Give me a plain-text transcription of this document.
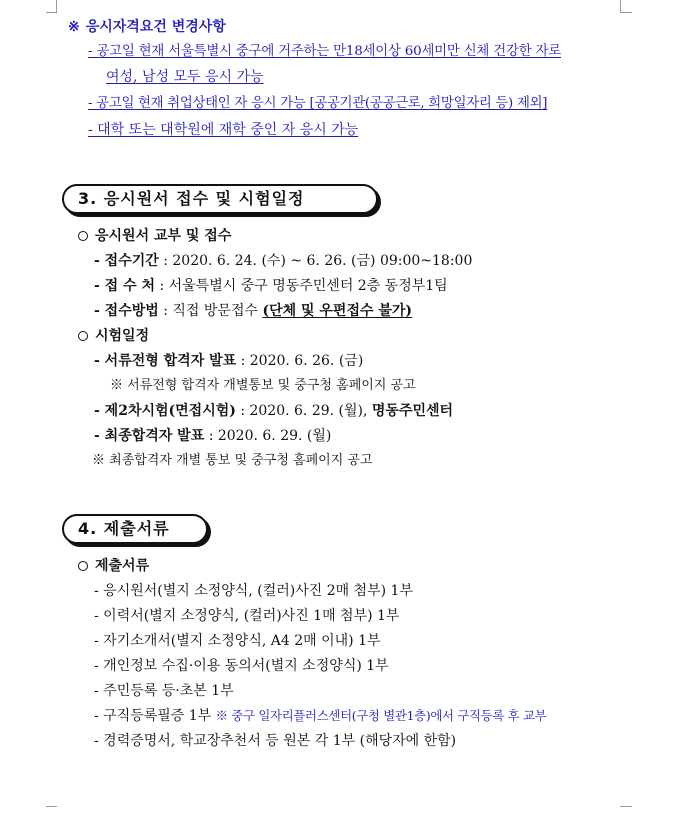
※ 응시자격요건 변경사항
- 공고일 현재 서울특별시 중구에 거주하는 만18세이상 60세미만 신체 건강한 자로
여성, 남성 모두 응시 가능
- 공고일 현재 취업상태인 자 응시 가능 [공공기관(공공근로, 희망일자리 등) 제외]
- 대학 또는 대학원에 재학 중인 자 응시 가능
3. 응시원서 접수 및 시험일정
응시원서 교부 및 접수
- 접수기간 : 2020. 6. 24. (수) ~ 6. 26. (금) 09:00~18:00
- 접 수 처 : 서울특별시 중구 명동주민센터 2층 동정부1팀
- 접수방법 : 직접 방문접수 (단체 및 우편접수 불가)
시험일정
- 서류전형 합격자 발표 : 2020. 6. 26. (금)
※ 서류전형 합격자 개별통보 및 중구청 홈페이지 공고
- 제2차시험(면접시험) : 2020. 6. 29. (월), 명동주민센터
- 최종합격자 발표 : 2020. 6. 29. (월)
※ 최종합격자 개별 통보 및 중구청 홈페이지 공고
4. 제출서류
제출서류
- 응시원서(별지 소정양식, (컬러)사진 2매 첨부) 1부
- 이력서(별지 소정양식, (컬러)사진 1매 첨부) 1부
- 자기소개서(별지 소정양식, A4 2매 이내) 1부
- 개인정보 수집·이용 동의서(별지 소정양식) 1부
- 주민등록 등·초본 1부
- 구직등록필증 1부 ※ 중구 일자리플러스센터(구청 별관1층)에서 구직등록 후 교부
- 경력증명서, 학교장추천서 등 원본 각 1부 (해당자에 한함)
